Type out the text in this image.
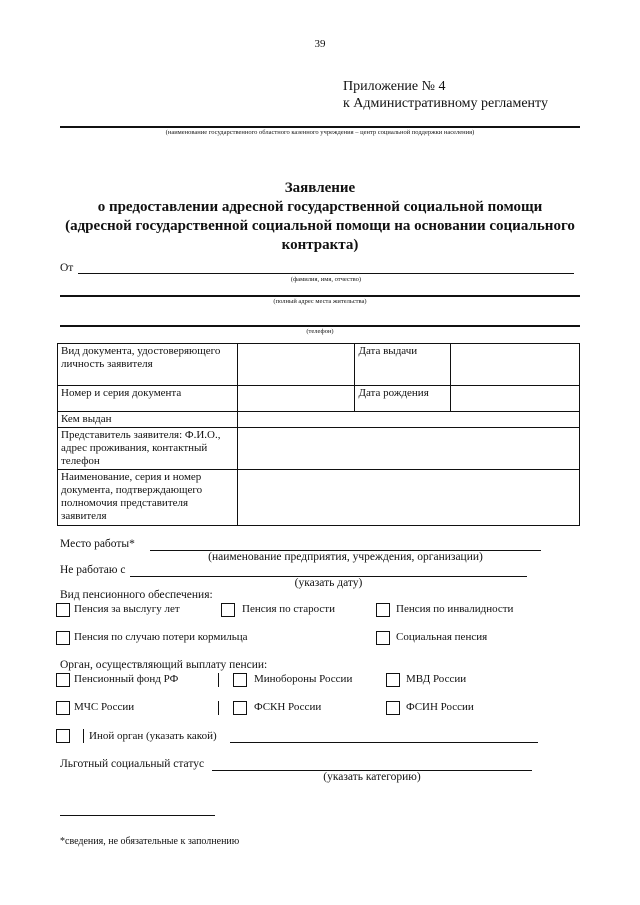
39
Приложение № 4
к Административному регламенту
(наименование государственного областного казенного учреждения – центр социальной поддержки населения)
Заявление
о предоставлении адресной государственной социальной помощи
(адресной государственной социальной помощи на основании социального
контракта)
От
(фамилия, имя, отчество)
(полный адрес места жительства)
(телефон)
Вид документа, удостоверяющего личность заявителя		Дата выдачи	
Номер и серия документа		Дата рождения	
Кем выдан			
Представитель заявителя: Ф.И.О., адрес проживания, контактный телефон			
Наименование, серия и номер документа, подтверждающего полномочия представителя заявителя			
Место работы*
(наименование предприятия, учреждения, организации)
Не работаю с
(указать дату)
Вид пенсионного обеспечения:
Пенсия за выслугу лет	Пенсия по старости	Пенсия по инвалидности
Пенсия по случаю потери кормильца	Социальная пенсия
Орган, осуществляющий выплату пенсии:
Пенсионный фонд РФ	Минобороны России	МВД России
МЧС России	ФСКН России	ФСИН России
Иной орган (указать какой)
Льготный социальный статус
(указать категорию)
*сведения, не обязательные к заполнению
